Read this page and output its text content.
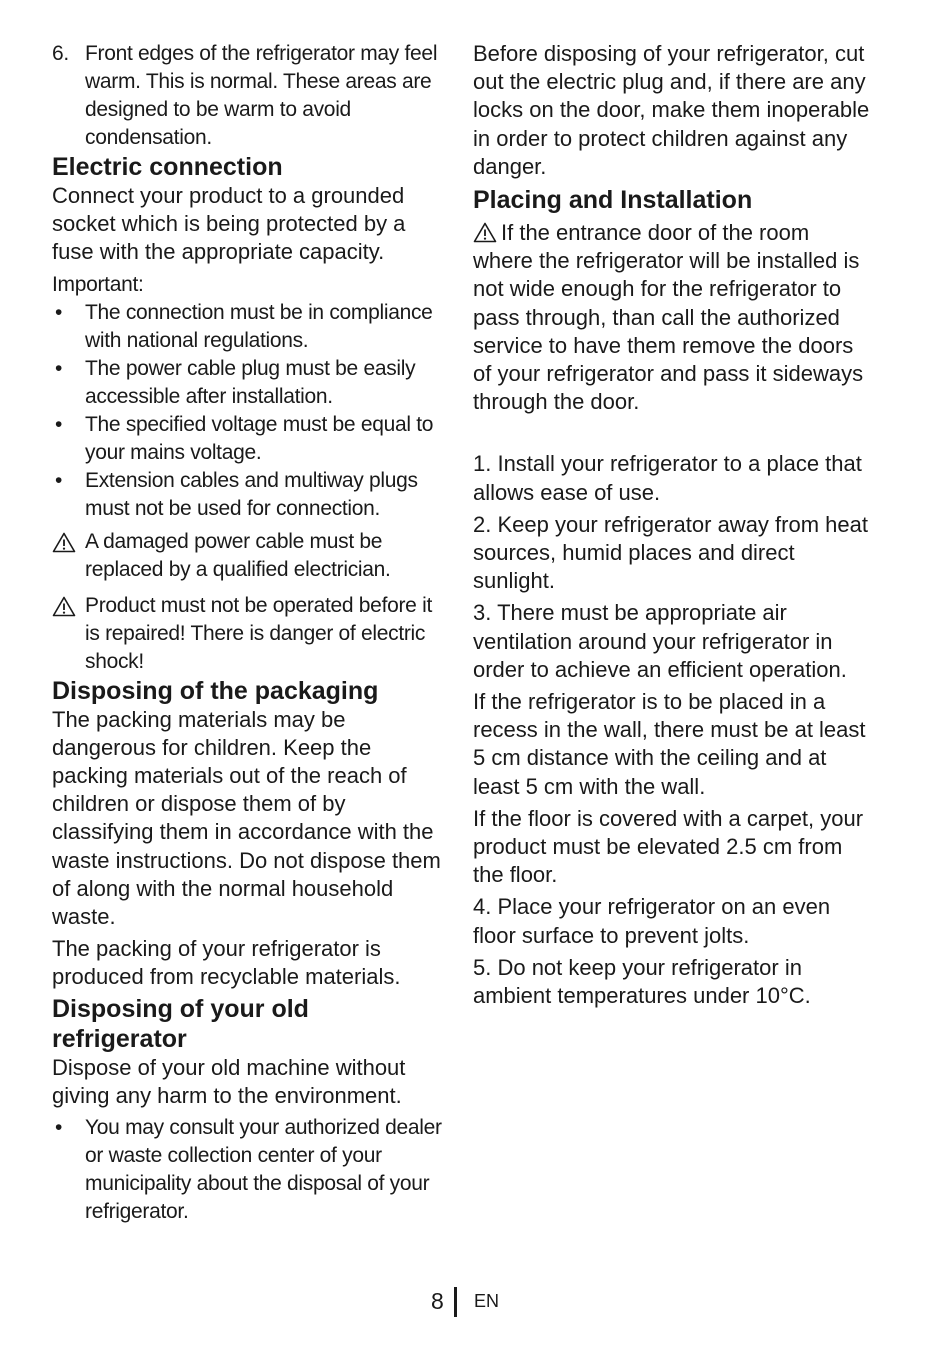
6. Front edges of the refrigerator may feel warm. This is normal. These areas are designed to be warm to avoid condensation.
Electric connection

Connect your product to a grounded socket which is being protected by a fuse with the appropriate capacity.

Important:
• The connection must be in compliance with national regulations.
• The power cable plug must be easily accessible after installation.
• The specified voltage must be equal to your mains voltage.
• Extension cables and multiway plugs must not be used for connection.
A damaged power cable must be replaced by a qualified electrician.
Product must not be operated before it is repaired! There is danger of electric shock!
Disposing of the packaging

The packing materials may be dangerous for children. Keep the packing materials out of the reach of children or dispose them of by classifying them in accordance with the waste instructions. Do not dispose them of along with the normal household waste.

The packing of your refrigerator is produced from recyclable materials.

Disposing of your old refrigerator

Dispose of your old machine without giving any harm to the environment.

• You may consult your authorized dealer or waste collection center of your municipality about the disposal of your refrigerator.

Before disposing of your refrigerator, cut out the electric plug and, if there are any locks on the door, make them inoperable in order to protect children against any danger.

Placing and Installation

If the entrance door of the room where the refrigerator will be installed is not wide enough for the refrigerator to pass through, than call the authorized service to have them remove the doors of your refrigerator and pass it sideways through the door.

1. Install your refrigerator to a place that allows ease of use.

2. Keep your refrigerator away from heat sources, humid places and direct sunlight.

3. There must be appropriate air ventilation around your refrigerator in order to achieve an efficient operation.

If the refrigerator is to be placed in a recess in the wall, there must be at least 5 cm distance with the ceiling and at least 5 cm with the wall.

If the floor is covered with a carpet, your product must be elevated 2.5 cm from the floor.

4. Place your refrigerator on an even floor surface to prevent jolts.

5. Do not keep your refrigerator in ambient temperatures under 10°C.

8 EN
